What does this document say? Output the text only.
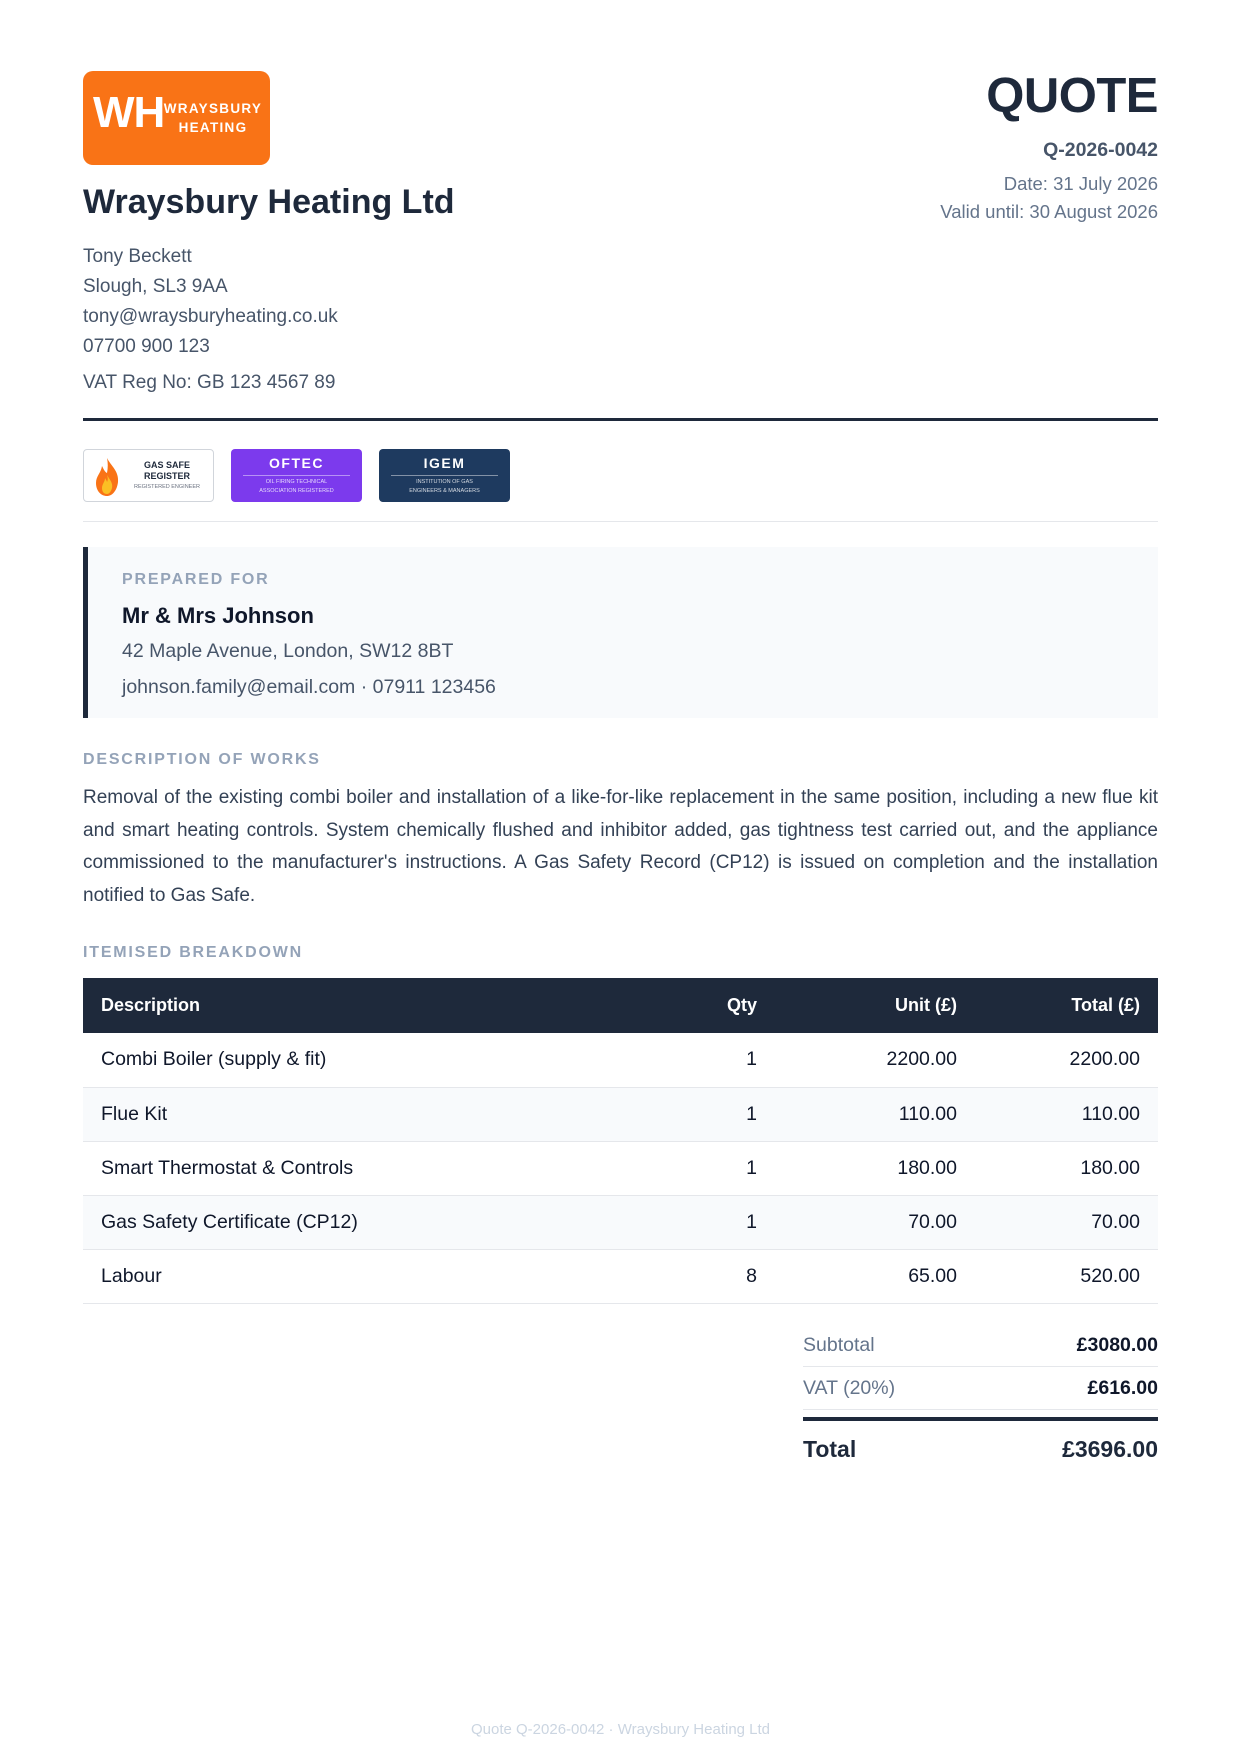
WH WRAYSBURY
HEATING
Wraysbury Heating Ltd
Tony Beckett
Slough, SL3 9AA
tony@wraysburyheating.co.uk
07700 900 123
VAT Reg No: GB 123 4567 89
QUOTE
Q-2026-0042
Date: 31 July 2026
Valid until: 30 August 2026
GAS SAFE
REGISTER
REGISTERED ENGINEER
OFTEC
OIL FIRING TECHNICAL
ASSOCIATION REGISTERED
IGEM
INSTITUTION OF GAS
ENGINEERS & MANAGERS
PREPARED FOR
Mr & Mrs Johnson
42 Maple Avenue, London, SW12 8BT
johnson.family@email.com · 07911 123456
DESCRIPTION OF WORKS

Removal of the existing combi boiler and installation of a like-for-like replacement in the same position, including a new flue kit and smart heating controls. System chemically flushed and inhibitor added, gas tightness test carried out, and the appliance commissioned to the manufacturer's instructions. A Gas Safety Record (CP12) is issued on completion and the installation notified to Gas Safe.

ITEMISED BREAKDOWN
Description	Qty	Unit (£)	Total (£)
Combi Boiler (supply & fit)	1	2200.00	2200.00
Flue Kit	1	110.00	110.00
Smart Thermostat & Controls	1	180.00	180.00
Gas Safety Certificate (CP12)	1	70.00	70.00
Labour	8	65.00	520.00
Subtotal	£3080.00
VAT (20%)	£616.00
Total	£3696.00
Quote Q-2026-0042 · Wraysbury Heating Ltd
